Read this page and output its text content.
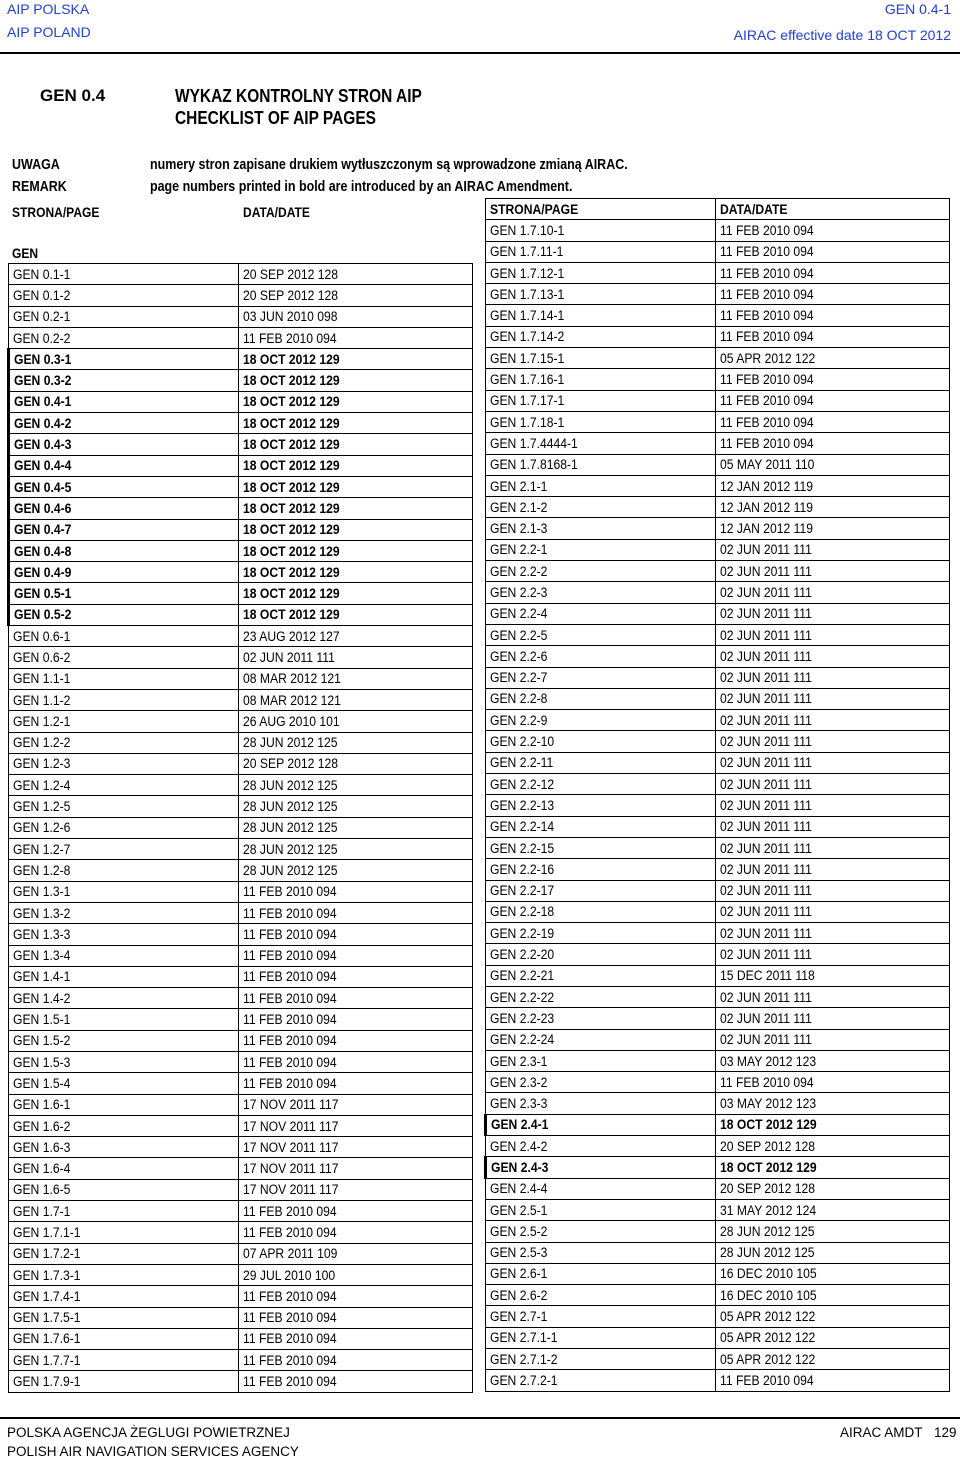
AIP POLSKA
AIP POLAND
GEN 0.4-1
AIRAC effective date 18 OCT 2012
GEN 0.4	WYKAZ KONTROLNY STRON AIP
CHECKLIST OF AIP PAGES
UWAGA	numery stron zapisane drukiem wytłuszczonym są wprowadzone zmianą AIRAC.
REMARK	page numbers printed in bold are introduced by an AIRAC Amendment.
STRONA/PAGE	DATA/DATE
GEN
GEN 0.1-1	20 SEP 2012 128
GEN 0.1-2	20 SEP 2012 128
GEN 0.2-1	03 JUN 2010 098
GEN 0.2-2	11 FEB 2010 094
GEN 0.3-1	18 OCT 2012 129
GEN 0.3-2	18 OCT 2012 129
GEN 0.4-1	18 OCT 2012 129
GEN 0.4-2	18 OCT 2012 129
GEN 0.4-3	18 OCT 2012 129
GEN 0.4-4	18 OCT 2012 129
GEN 0.4-5	18 OCT 2012 129
GEN 0.4-6	18 OCT 2012 129
GEN 0.4-7	18 OCT 2012 129
GEN 0.4-8	18 OCT 2012 129
GEN 0.4-9	18 OCT 2012 129
GEN 0.5-1	18 OCT 2012 129
GEN 0.5-2	18 OCT 2012 129
GEN 0.6-1	23 AUG 2012 127
GEN 0.6-2	02 JUN 2011 111
GEN 1.1-1	08 MAR 2012 121
GEN 1.1-2	08 MAR 2012 121
GEN 1.2-1	26 AUG 2010 101
GEN 1.2-2	28 JUN 2012 125
GEN 1.2-3	20 SEP 2012 128
GEN 1.2-4	28 JUN 2012 125
GEN 1.2-5	28 JUN 2012 125
GEN 1.2-6	28 JUN 2012 125
GEN 1.2-7	28 JUN 2012 125
GEN 1.2-8	28 JUN 2012 125
GEN 1.3-1	11 FEB 2010 094
GEN 1.3-2	11 FEB 2010 094
GEN 1.3-3	11 FEB 2010 094
GEN 1.3-4	11 FEB 2010 094
GEN 1.4-1	11 FEB 2010 094
GEN 1.4-2	11 FEB 2010 094
GEN 1.5-1	11 FEB 2010 094
GEN 1.5-2	11 FEB 2010 094
GEN 1.5-3	11 FEB 2010 094
GEN 1.5-4	11 FEB 2010 094
GEN 1.6-1	17 NOV 2011 117
GEN 1.6-2	17 NOV 2011 117
GEN 1.6-3	17 NOV 2011 117
GEN 1.6-4	17 NOV 2011 117
GEN 1.6-5	17 NOV 2011 117
GEN 1.7-1	11 FEB 2010 094
GEN 1.7.1-1	11 FEB 2010 094
GEN 1.7.2-1	07 APR 2011 109
GEN 1.7.3-1	29 JUL 2010 100
GEN 1.7.4-1	11 FEB 2010 094
GEN 1.7.5-1	11 FEB 2010 094
GEN 1.7.6-1	11 FEB 2010 094
GEN 1.7.7-1	11 FEB 2010 094
GEN 1.7.9-1	11 FEB 2010 094
STRONA/PAGE	DATA/DATE
GEN 1.7.10-1	11 FEB 2010 094
GEN 1.7.11-1	11 FEB 2010 094
GEN 1.7.12-1	11 FEB 2010 094
GEN 1.7.13-1	11 FEB 2010 094
GEN 1.7.14-1	11 FEB 2010 094
GEN 1.7.14-2	11 FEB 2010 094
GEN 1.7.15-1	05 APR 2012 122
GEN 1.7.16-1	11 FEB 2010 094
GEN 1.7.17-1	11 FEB 2010 094
GEN 1.7.18-1	11 FEB 2010 094
GEN 1.7.4444-1	11 FEB 2010 094
GEN 1.7.8168-1	05 MAY 2011 110
GEN 2.1-1	12 JAN 2012 119
GEN 2.1-2	12 JAN 2012 119
GEN 2.1-3	12 JAN 2012 119
GEN 2.2-1	02 JUN 2011 111
GEN 2.2-2	02 JUN 2011 111
GEN 2.2-3	02 JUN 2011 111
GEN 2.2-4	02 JUN 2011 111
GEN 2.2-5	02 JUN 2011 111
GEN 2.2-6	02 JUN 2011 111
GEN 2.2-7	02 JUN 2011 111
GEN 2.2-8	02 JUN 2011 111
GEN 2.2-9	02 JUN 2011 111
GEN 2.2-10	02 JUN 2011 111
GEN 2.2-11	02 JUN 2011 111
GEN 2.2-12	02 JUN 2011 111
GEN 2.2-13	02 JUN 2011 111
GEN 2.2-14	02 JUN 2011 111
GEN 2.2-15	02 JUN 2011 111
GEN 2.2-16	02 JUN 2011 111
GEN 2.2-17	02 JUN 2011 111
GEN 2.2-18	02 JUN 2011 111
GEN 2.2-19	02 JUN 2011 111
GEN 2.2-20	02 JUN 2011 111
GEN 2.2-21	15 DEC 2011 118
GEN 2.2-22	02 JUN 2011 111
GEN 2.2-23	02 JUN 2011 111
GEN 2.2-24	02 JUN 2011 111
GEN 2.3-1	03 MAY 2012 123
GEN 2.3-2	11 FEB 2010 094
GEN 2.3-3	03 MAY 2012 123
GEN 2.4-1	18 OCT 2012 129
GEN 2.4-2	20 SEP 2012 128
GEN 2.4-3	18 OCT 2012 129
GEN 2.4-4	20 SEP 2012 128
GEN 2.5-1	31 MAY 2012 124
GEN 2.5-2	28 JUN 2012 125
GEN 2.5-3	28 JUN 2012 125
GEN 2.6-1	16 DEC 2010 105
GEN 2.6-2	16 DEC 2010 105
GEN 2.7-1	05 APR 2012 122
GEN 2.7.1-1	05 APR 2012 122
GEN 2.7.1-2	05 APR 2012 122
GEN 2.7.2-1	11 FEB 2010 094
POLSKA AGENCJA ŻEGLUGI POWIETRZNEJ
POLISH AIR NAVIGATION SERVICES AGENCY
AIRAC AMDT 129
